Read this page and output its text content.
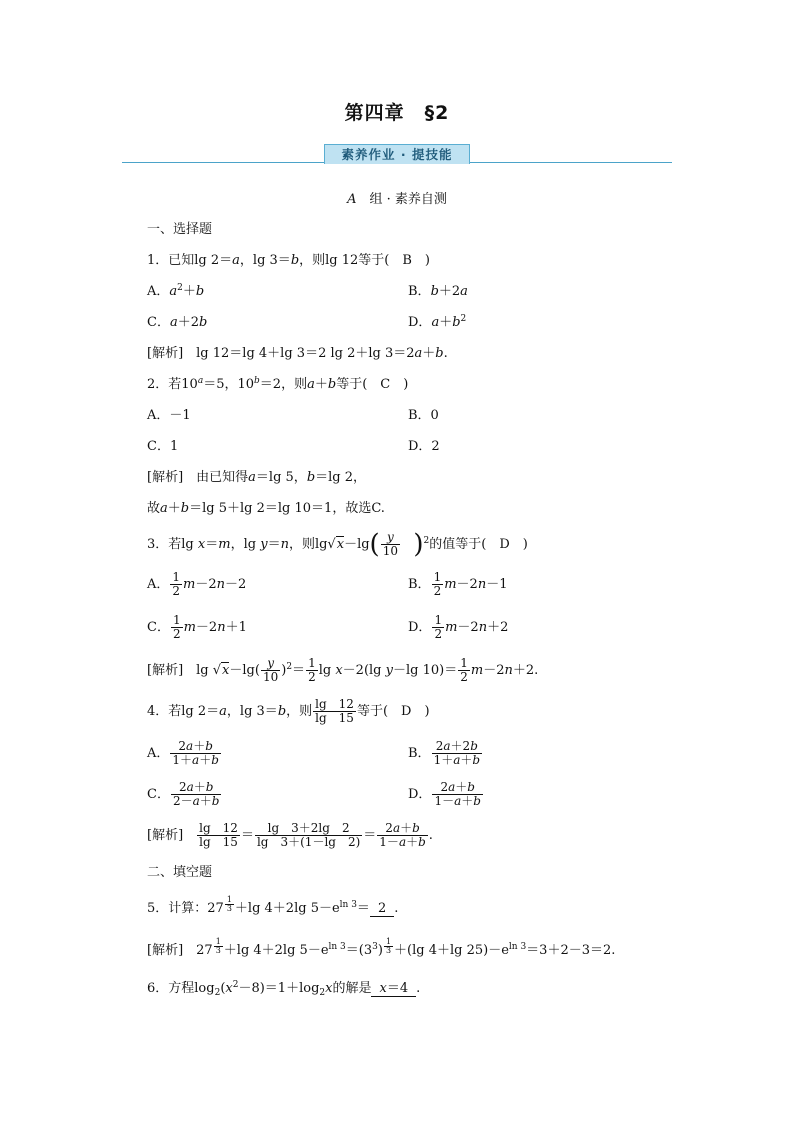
第四章　§2
素养作业 · 提技能
A　组 · 素养自测
一、选择题
1．已知lg 2＝a，lg 3＝b，则lg 12等于(　B　)
A．$a^2+b$	B．b＋2a
C．a＋2b	D．$a+b^2$
[解析]　lg 12＝lg 4＋lg 3＝2 lg 2＋lg 3＝2a＋b.
2．若$10^a=5$，$10^b=2$，则a＋b等于(　C　)
A．－1	B．0
C．1	D．2
[解析]　由已知得a＝lg 5，b＝lg 2，
故a＋b＝lg 5＋lg 2＝lg 10＝1，故选C.
3．若lg x＝m，lg y＝n，则$\lg√x-\lg( \frac{y}{10} )^2$的值等于(　D　)
A． $\frac{1}{2} m-2n-2$	B． $\frac{1}{2} m-2n-1$
C． $\frac{1}{2} m-2n+1$	D． $\frac{1}{2} m-2n+2$
[解析]　$\lg √x-\lg( \frac{y}{10} )^2= \frac{1}{2}$ lg x－2(lg y－lg $10)= \frac{1}{2} m-2n+2$.
4．若lg 2＝a，lg 3＝b，则 $\frac{\lg 12}{\lg 15}$ 等于(　D　)
A． $\frac{2a+b}{1+a+b}$	B． $\frac{2a+2b}{1+a+b}$
C． $\frac{2a+b}{2-a+b}$	D． $\frac{2a+b}{1-a+b}$
[解析]　 $\frac{\lg 12}{\lg 15} = \frac{\lg 3+2\lg 2}{\lg 3+(1-\lg 2)} = \frac{2a+b}{1-a+b}$ .
二、填空题
5．计算：27 $^{\frac{1}{3}}$ ＋lg 4＋2lg $5-e^{ln 3}= 2$ .
[解析]　27 $^{\frac{1}{3}}$ ＋lg 4＋2lg $5-e^{ln 3}=(3^3)$ $^{\frac{1}{3}}$ ＋(lg 4＋lg $25)-e^{ln 3}=3+2-3=2$.
6．方程$\log_2(x^2-8)=1+\log_2x$的解是 x＝4 .
